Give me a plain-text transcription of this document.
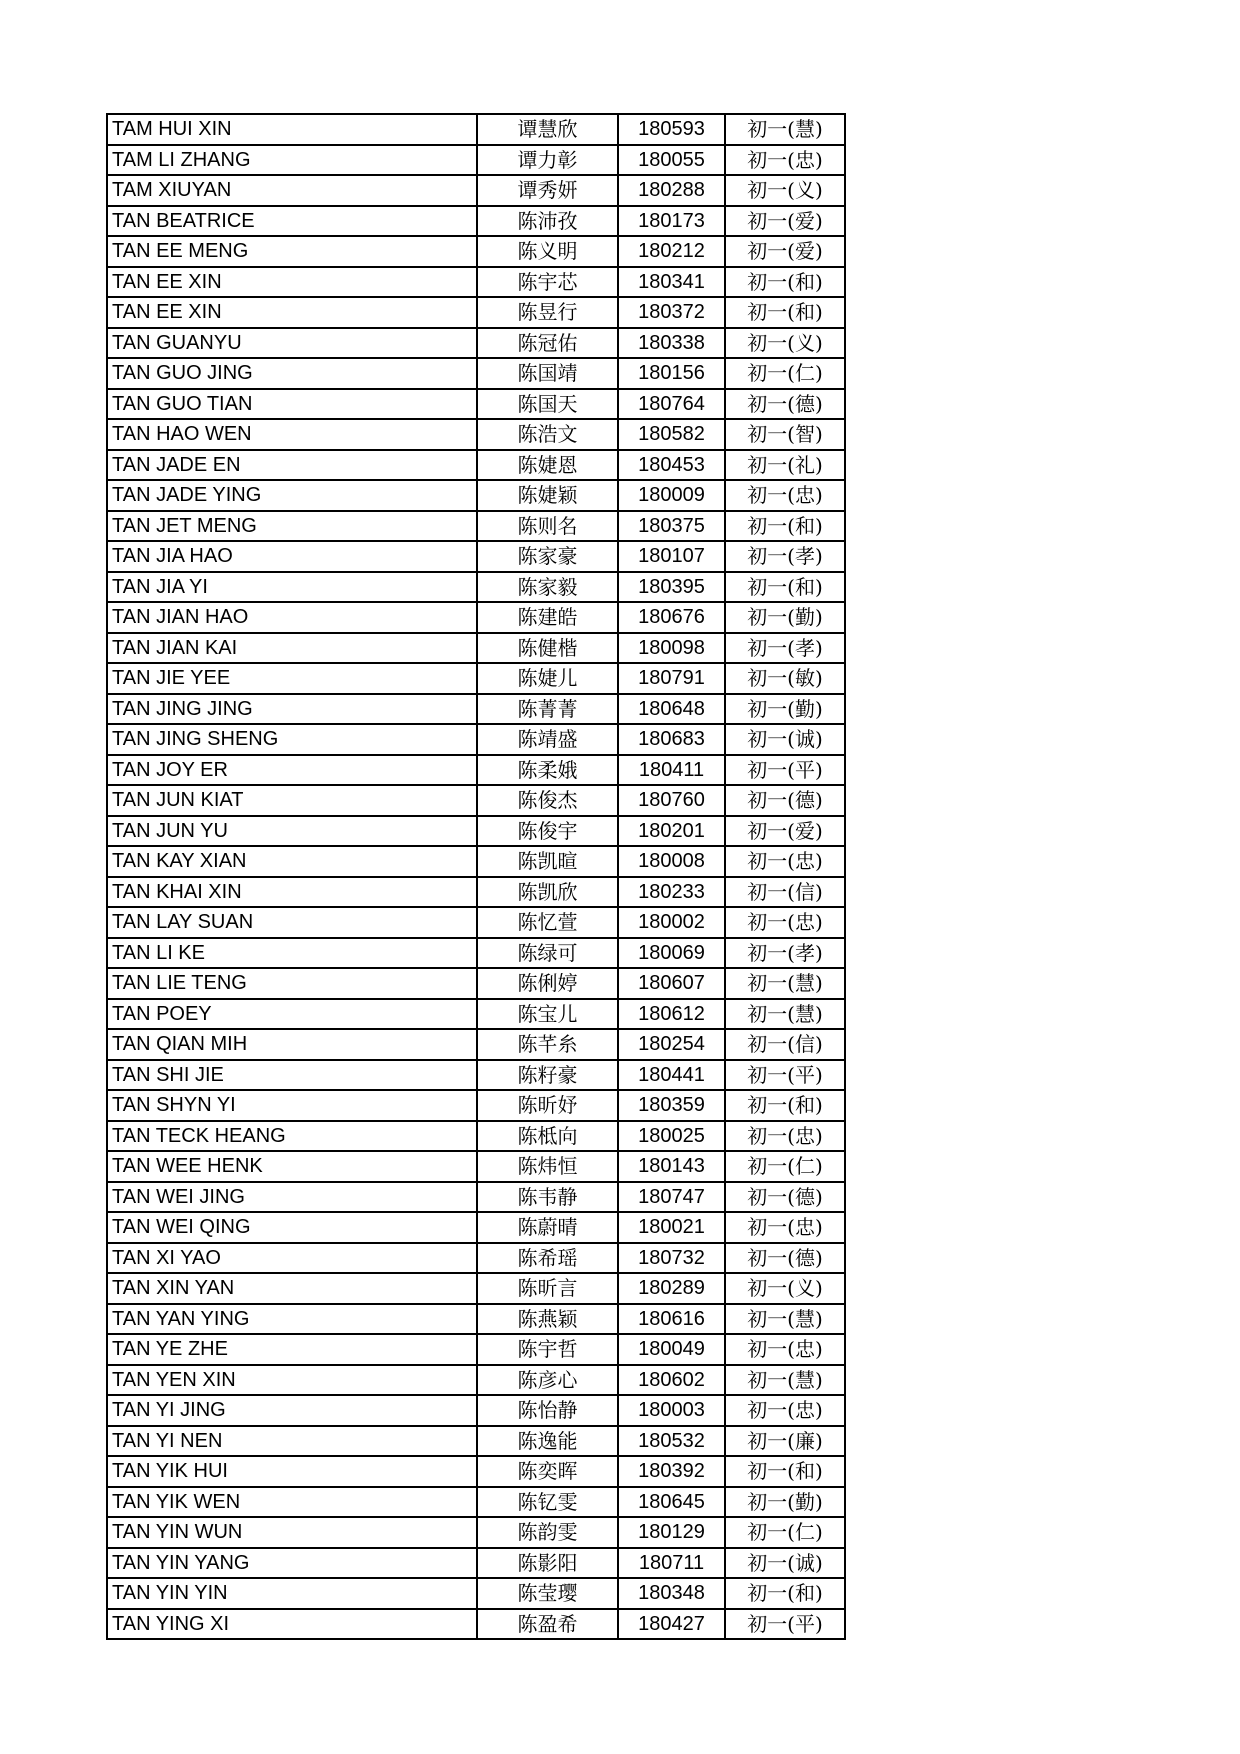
TAM HUI XIN	谭慧欣	180593	初一(慧)
TAM LI ZHANG	谭力彰	180055	初一(忠)
TAM XIUYAN	谭秀妍	180288	初一(义)
TAN BEATRICE	陈沛孜	180173	初一(爱)
TAN EE MENG	陈义明	180212	初一(爱)
TAN EE XIN	陈宇芯	180341	初一(和)
TAN EE XIN	陈昱行	180372	初一(和)
TAN GUANYU	陈冠佑	180338	初一(义)
TAN GUO JING	陈国靖	180156	初一(仁)
TAN GUO TIAN	陈国天	180764	初一(德)
TAN HAO WEN	陈浩文	180582	初一(智)
TAN JADE EN	陈婕恩	180453	初一(礼)
TAN JADE YING	陈婕颖	180009	初一(忠)
TAN JET MENG	陈则名	180375	初一(和)
TAN JIA HAO	陈家豪	180107	初一(孝)
TAN JIA YI	陈家毅	180395	初一(和)
TAN JIAN HAO	陈建皓	180676	初一(勤)
TAN JIAN KAI	陈健楷	180098	初一(孝)
TAN JIE YEE	陈婕儿	180791	初一(敏)
TAN JING JING	陈菁菁	180648	初一(勤)
TAN JING SHENG	陈靖盛	180683	初一(诚)
TAN JOY ER	陈柔娥	180411	初一(平)
TAN JUN KIAT	陈俊杰	180760	初一(德)
TAN JUN YU	陈俊宇	180201	初一(爱)
TAN KAY XIAN	陈凯暄	180008	初一(忠)
TAN KHAI XIN	陈凯欣	180233	初一(信)
TAN LAY SUAN	陈忆萱	180002	初一(忠)
TAN LI KE	陈绿可	180069	初一(孝)
TAN LIE TENG	陈俐婷	180607	初一(慧)
TAN POEY	陈宝儿	180612	初一(慧)
TAN QIAN MIH	陈芊糸	180254	初一(信)
TAN SHI JIE	陈籽豪	180441	初一(平)
TAN SHYN YI	陈昕妤	180359	初一(和)
TAN TECK HEANG	陈柢向	180025	初一(忠)
TAN WEE HENK	陈炜恒	180143	初一(仁)
TAN WEI JING	陈韦静	180747	初一(德)
TAN WEI QING	陈蔚晴	180021	初一(忠)
TAN XI YAO	陈希瑶	180732	初一(德)
TAN XIN YAN	陈昕言	180289	初一(义)
TAN YAN YING	陈燕颖	180616	初一(慧)
TAN YE ZHE	陈宇哲	180049	初一(忠)
TAN YEN XIN	陈彦心	180602	初一(慧)
TAN YI JING	陈怡静	180003	初一(忠)
TAN YI NEN	陈逸能	180532	初一(廉)
TAN YIK HUI	陈奕晖	180392	初一(和)
TAN YIK WEN	陈钇雯	180645	初一(勤)
TAN YIN WUN	陈韵雯	180129	初一(仁)
TAN YIN YANG	陈影阳	180711	初一(诚)
TAN YIN YIN	陈莹璎	180348	初一(和)
TAN YING XI	陈盈希	180427	初一(平)
